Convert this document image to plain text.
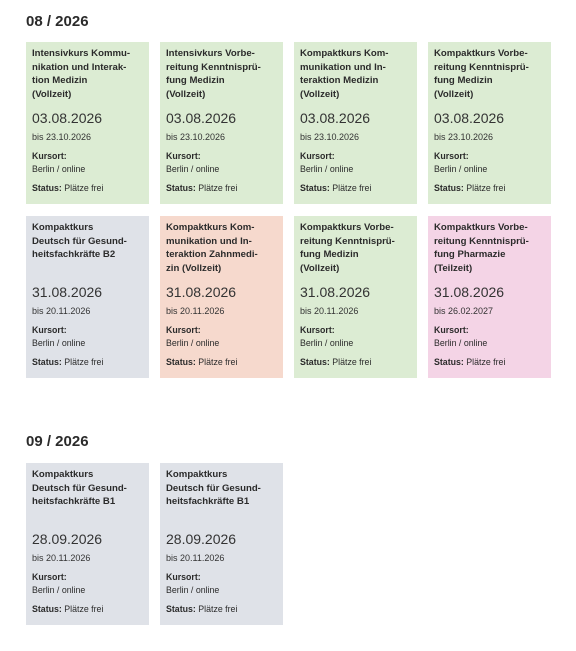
08 / 2026
Intensivkurs Kommu-
nikation und Interak-
tion Medizin
(Vollzeit)
03.08.2026
bis 23.10.2026
Kursort:
Berlin / online
Status: Plätze frei
Intensivkurs Vorbe-
reitung Kenntnisprü-
fung Medizin
(Vollzeit)
03.08.2026
bis 23.10.2026
Kursort:
Berlin / online
Status: Plätze frei
Kompaktkurs Kom-
munikation und In-
teraktion Medizin
(Vollzeit)
03.08.2026
bis 23.10.2026
Kursort:
Berlin / online
Status: Plätze frei
Kompaktkurs Vorbe-
reitung Kenntnisprü-
fung Medizin
(Vollzeit)
03.08.2026
bis 23.10.2026
Kursort:
Berlin / online
Status: Plätze frei
Kompaktkurs
Deutsch für Gesund-
heitsfachkräfte B2
31.08.2026
bis 20.11.2026
Kursort:
Berlin / online
Status: Plätze frei
Kompaktkurs Kom-
munikation und In-
teraktion Zahnmedi-
zin (Vollzeit)
31.08.2026
bis 20.11.2026
Kursort:
Berlin / online
Status: Plätze frei
Kompaktkurs Vorbe-
reitung Kenntnisprü-
fung Medizin
(Vollzeit)
31.08.2026
bis 20.11.2026
Kursort:
Berlin / online
Status: Plätze frei
Kompaktkurs Vorbe-
reitung Kenntnisprü-
fung Pharmazie
(Teilzeit)
31.08.2026
bis 26.02.2027
Kursort:
Berlin / online
Status: Plätze frei
09 / 2026
Kompaktkurs
Deutsch für Gesund-
heitsfachkräfte B1
28.09.2026
bis 20.11.2026
Kursort:
Berlin / online
Status: Plätze frei
Kompaktkurs
Deutsch für Gesund-
heitsfachkräfte B1
28.09.2026
bis 20.11.2026
Kursort:
Berlin / online
Status: Plätze frei
